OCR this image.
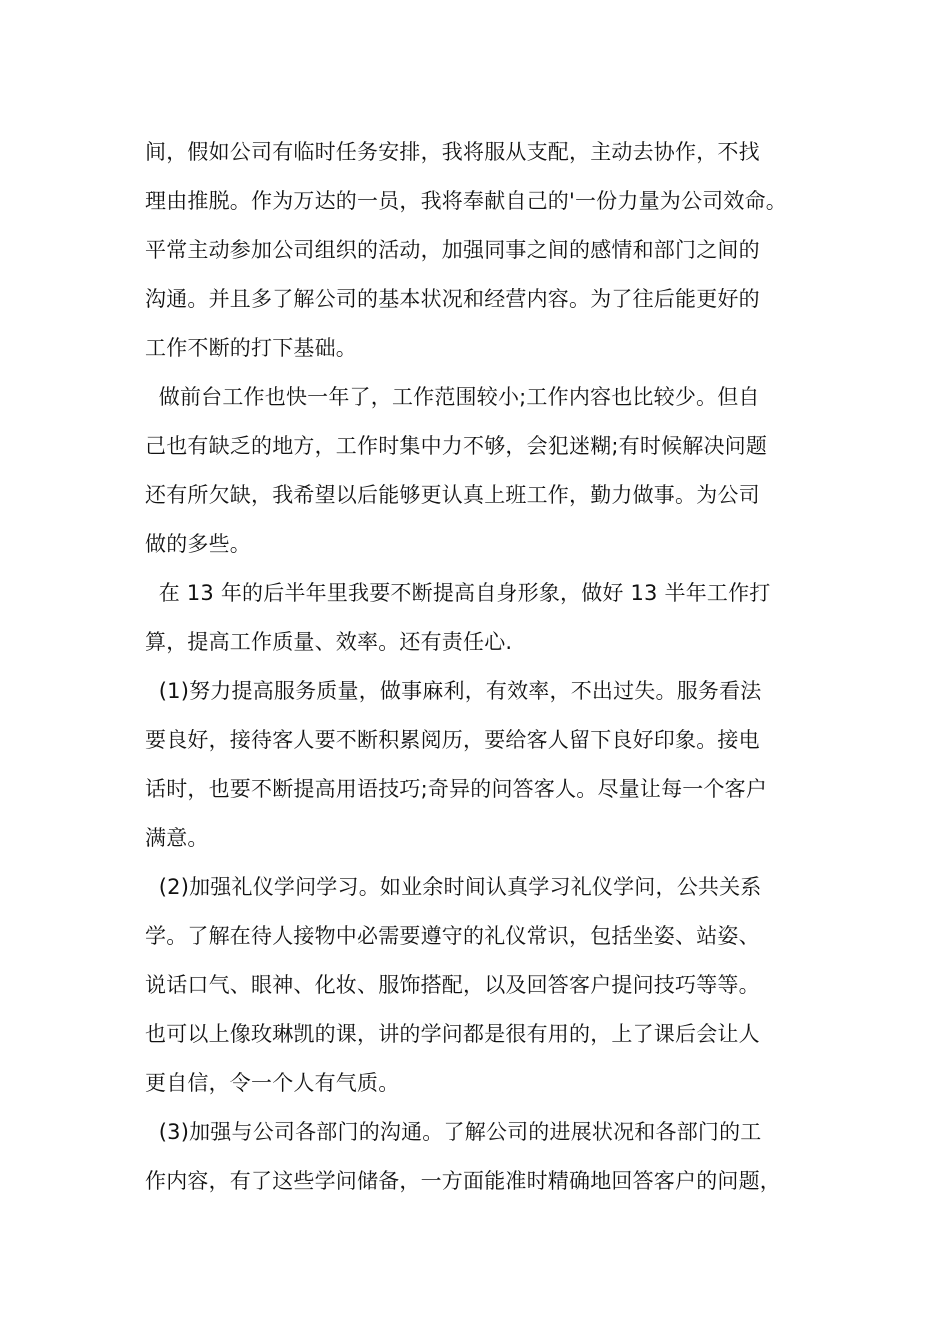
间，假如公司有临时任务安排，我将服从支配，主动去协作，不找
理由推脱。作为万达的一员，我将奉献自己的'一份力量为公司效命。
平常主动参加公司组织的活动，加强同事之间的感情和部门之间的
沟通。并且多了解公司的基本状况和经营内容。为了往后能更好的
工作不断的打下基础。
做前台工作也快一年了，工作范围较小;工作内容也比较少。但自
己也有缺乏的地方，工作时集中力不够，会犯迷糊;有时候解决问题
还有所欠缺，我希望以后能够更认真上班工作，勤力做事。为公司
做的多些。
在 13 年的后半年里我要不断提高自身形象，做好 13 半年工作打
算，提高工作质量、效率。还有责任心.
(1)努力提高服务质量，做事麻利，有效率，不出过失。服务看法
要良好，接待客人要不断积累阅历，要给客人留下良好印象。接电
话时，也要不断提高用语技巧;奇异的问答客人。尽量让每一个客户
满意。
(2)加强礼仪学问学习。如业余时间认真学习礼仪学问，公共关系
学。了解在待人接物中必需要遵守的礼仪常识，包括坐姿、站姿、
说话口气、眼神、化妆、服饰搭配，以及回答客户提问技巧等等。
也可以上像玫琳凯的课，讲的学问都是很有用的，上了课后会让人
更自信，令一个人有气质。
(3)加强与公司各部门的沟通。了解公司的进展状况和各部门的工
作内容，有了这些学问储备，一方面能准时精确地回答客户的问题，
